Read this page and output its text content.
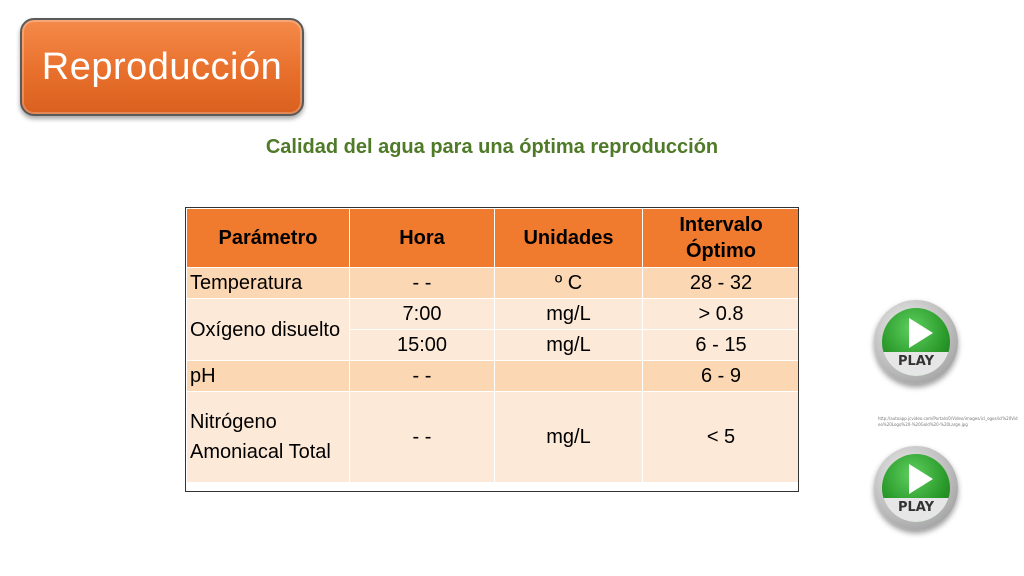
Reproducción
Calidad del agua para una óptima reproducción
Parámetro	Hora	Unidades	Intervalo Óptimo
Temperatura	- -	º C	28 - 32
Oxígeno disuelto	7:00	mg/L	> 0.8
	15:00	mg/L	6 - 15
pH	- -		6 - 9
Nitrógeno Amoniacal Total	- -	mg/L	< 5
PLAY
http://autoapp.jcvideo.com/Portals/0/Video/images/icl_ogos/icl%20Video%20Logo%20-%20Gold%20-%20Large.jpg
PLAY
